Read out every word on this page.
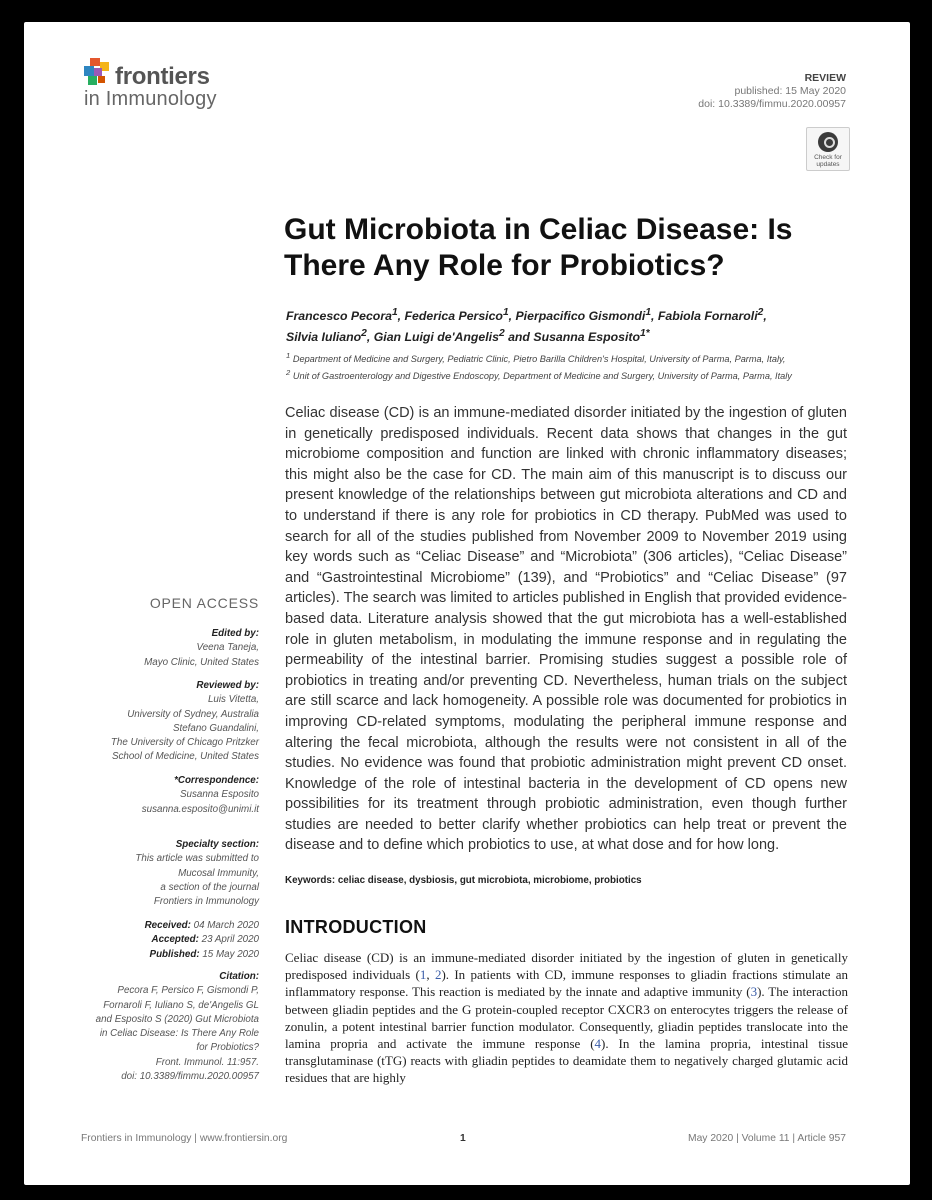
frontiers
in Immunology
REVIEW
published: 15 May 2020
doi: 10.3389/fimmu.2020.00957
Check for
updates
Gut Microbiota in Celiac Disease: Is There Any Role for Probiotics?
Francesco Pecora$^1$, Federica Persico$^1$, Pierpacifico Gismondi$^1$, Fabiola Fornaroli$^2$,
Silvia Iuliano$^2$, Gian Luigi de'Angelis$^2$ and Susanna Esposito$^{1*}$
$^1$ Department of Medicine and Surgery, Pediatric Clinic, Pietro Barilla Children's Hospital, University of Parma, Parma, Italy,
$^2$ Unit of Gastroenterology and Digestive Endoscopy, Department of Medicine and Surgery, University of Parma, Parma, Italy
Celiac disease (CD) is an immune-mediated disorder initiated by the ingestion of gluten in genetically predisposed individuals. Recent data shows that changes in the gut microbiome composition and function are linked with chronic inflammatory diseases; this might also be the case for CD. The main aim of this manuscript is to discuss our present knowledge of the relationships between gut microbiota alterations and CD and to understand if there is any role for probiotics in CD therapy. PubMed was used to search for all of the studies published from November 2009 to November 2019 using key words such as “Celiac Disease” and “Microbiota” (306 articles), “Celiac Disease” and “Gastrointestinal Microbiome” (139), and “Probiotics” and “Celiac Disease” (97 articles). The search was limited to articles published in English that provided evidence-based data. Literature analysis showed that the gut microbiota has a well-established role in gluten metabolism, in modulating the immune response and in regulating the permeability of the intestinal barrier. Promising studies suggest a possible role of probiotics in treating and/or preventing CD. Nevertheless, human trials on the subject are still scarce and lack homogeneity. A possible role was documented for probiotics in improving CD-related symptoms, modulating the peripheral immune response and altering the fecal microbiota, although the results were not consistent in all of the studies. No evidence was found that probiotic administration might prevent CD onset. Knowledge of the role of intestinal bacteria in the development of CD opens new possibilities for its treatment through probiotic administration, even though further studies are needed to better clarify whether probiotics can help treat or prevent the disease and to define which probiotics to use, at what dose and for how long.
Keywords: celiac disease, dysbiosis, gut microbiota, microbiome, probiotics
INTRODUCTION
Celiac disease (CD) is an immune-mediated disorder initiated by the ingestion of gluten in genetically predisposed individuals (1, 2). In patients with CD, immune responses to gliadin fractions stimulate an inflammatory response. This reaction is mediated by the innate and adaptive immunity (3). The interaction between gliadin peptides and the G protein-coupled receptor CXCR3 on enterocytes triggers the release of zonulin, a potent intestinal barrier function modulator. Consequently, gliadin peptides translocate into the lamina propria and activate the immune response (4). In the lamina propria, intestinal tissue transglutaminase (tTG) reacts with gliadin peptides to deamidate them to negatively charged glutamic acid residues that are highly
OPEN ACCESS
Edited by:
Veena Taneja,
Mayo Clinic, United States
Reviewed by:
Luis Vitetta,
University of Sydney, Australia
Stefano Guandalini,
The University of Chicago Pritzker
School of Medicine, United States
*Correspondence:
Susanna Esposito
susanna.esposito@unimi.it
Specialty section:
This article was submitted to
Mucosal Immunity,
a section of the journal
Frontiers in Immunology
Received: 04 March 2020
Accepted: 23 April 2020
Published: 15 May 2020
Citation:
Pecora F, Persico F, Gismondi P,
Fornaroli F, Iuliano S, de'Angelis GL
and Esposito S (2020) Gut Microbiota
in Celiac Disease: Is There Any Role
for Probiotics?
Front. Immunol. 11:957.
doi: 10.3389/fimmu.2020.00957
Frontiers in Immunology | www.frontiersin.org	1	May 2020 | Volume 11 | Article 957
